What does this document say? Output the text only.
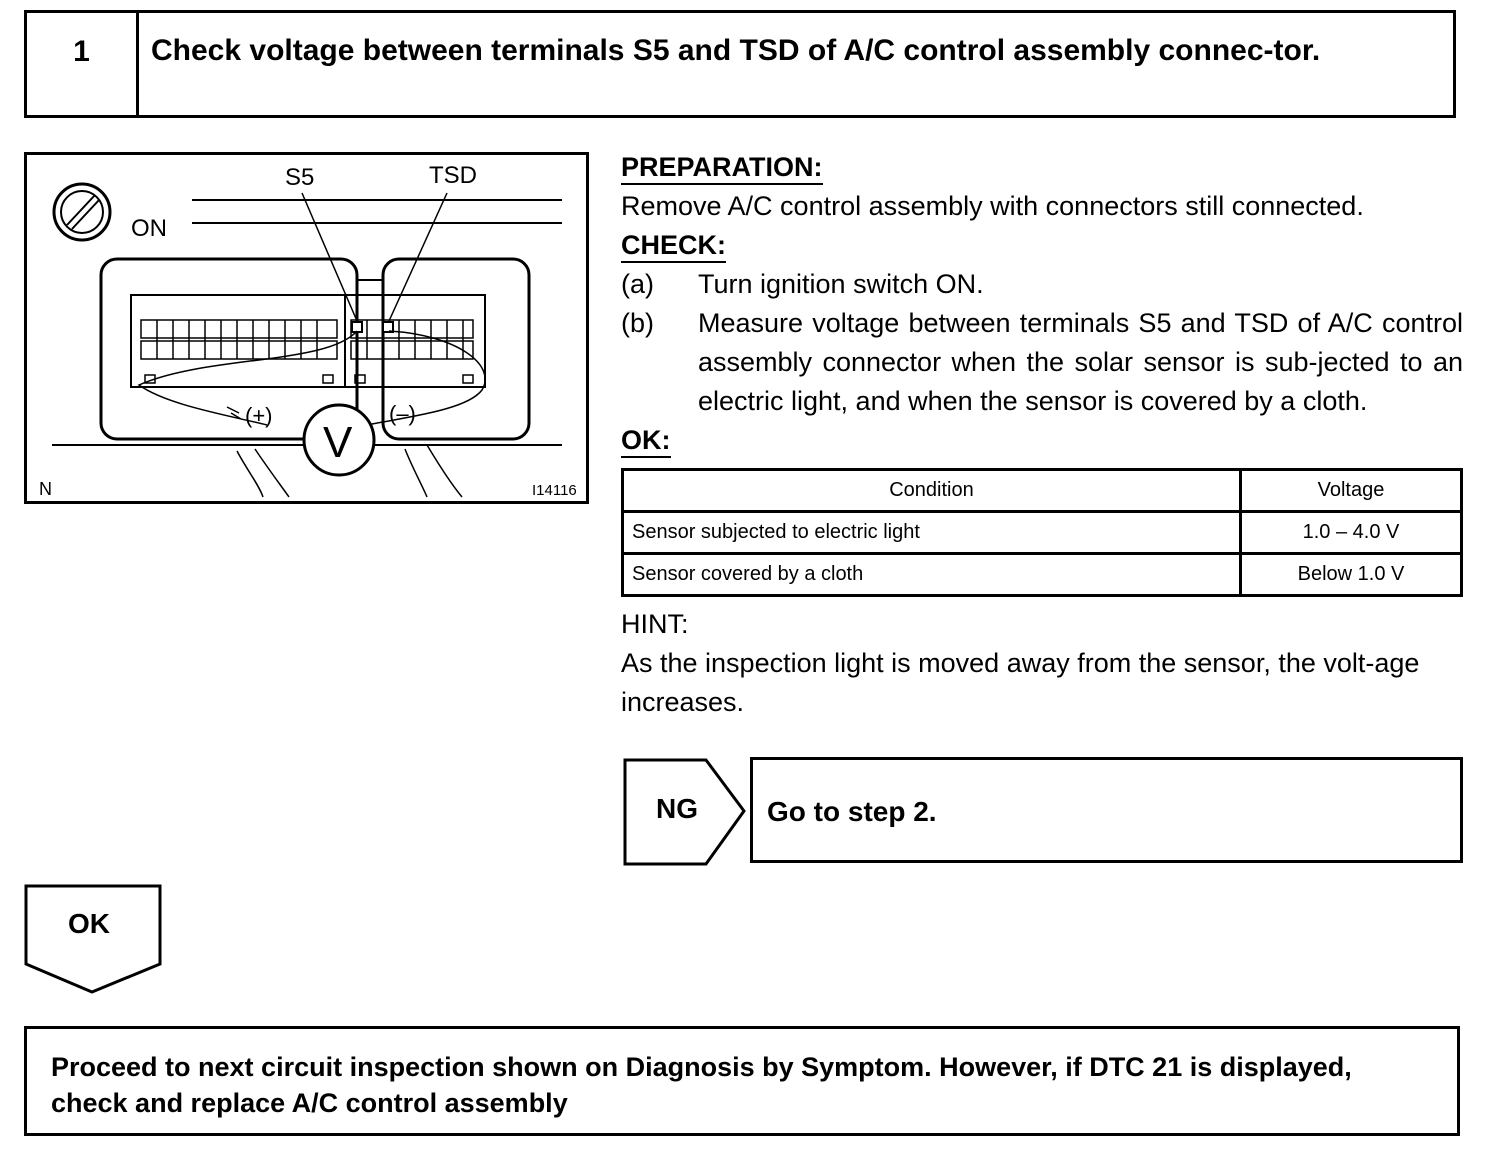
1	Check voltage between terminals S5 and TSD of A/C control assembly connec-tor.
S5	TSD
ON
(+)	(–)
V
N	I14116
PREPARATION:

Remove A/C control assembly with connectors still connected.

CHECK:
(a)	Turn ignition switch ON.
(b)	Measure voltage between terminals S5 and TSD of A/C control assembly connector when the solar sensor is sub-jected to an electric light, and when the sensor is covered by a cloth.
OK:
Condition	Voltage
Sensor subjected to electric light	1.0 – 4.0 V
Sensor covered by a cloth	Below 1.0 V
HINT:

As the inspection light is moved away from the sensor, the volt-age increases.

NG Go to step 2.
OK
Proceed to next circuit inspection shown on Diagnosis by Symptom. However, if DTC 21 is displayed, check and replace A/C control assembly
